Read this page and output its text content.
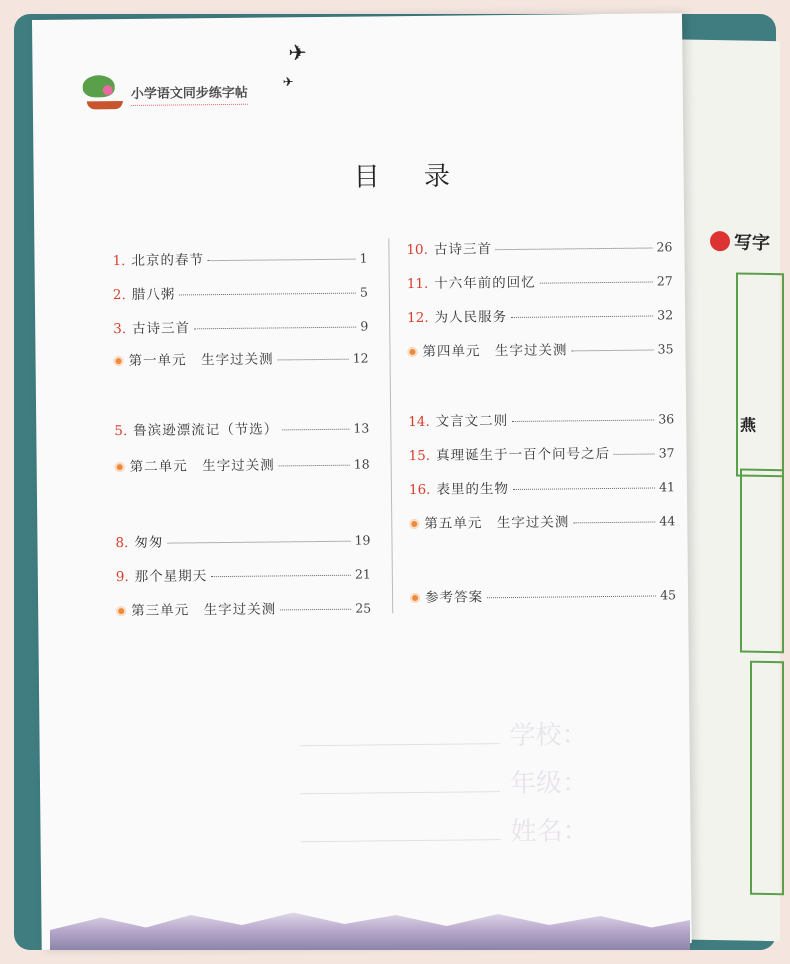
写字
燕
小学语文同步练字帖
✈
✈
目 录
1. 北京的春节	1
2. 腊八粥	5
3. 古诗三首	9
第一单元　生字过关测	12
5. 鲁滨逊漂流记（节选）	13
第二单元　生字过关测	18
8. 匆匆	19
9. 那个星期天	21
第三单元　生字过关测	25
10. 古诗三首	26
11. 十六年前的回忆	27
12. 为人民服务	32
第四单元　生字过关测	35
14. 文言文二则	36
15. 真理诞生于一百个问号之后	37
16. 表里的生物	41
第五单元　生字过关测	44
参考答案	45
学校：
年级：
姓名：
